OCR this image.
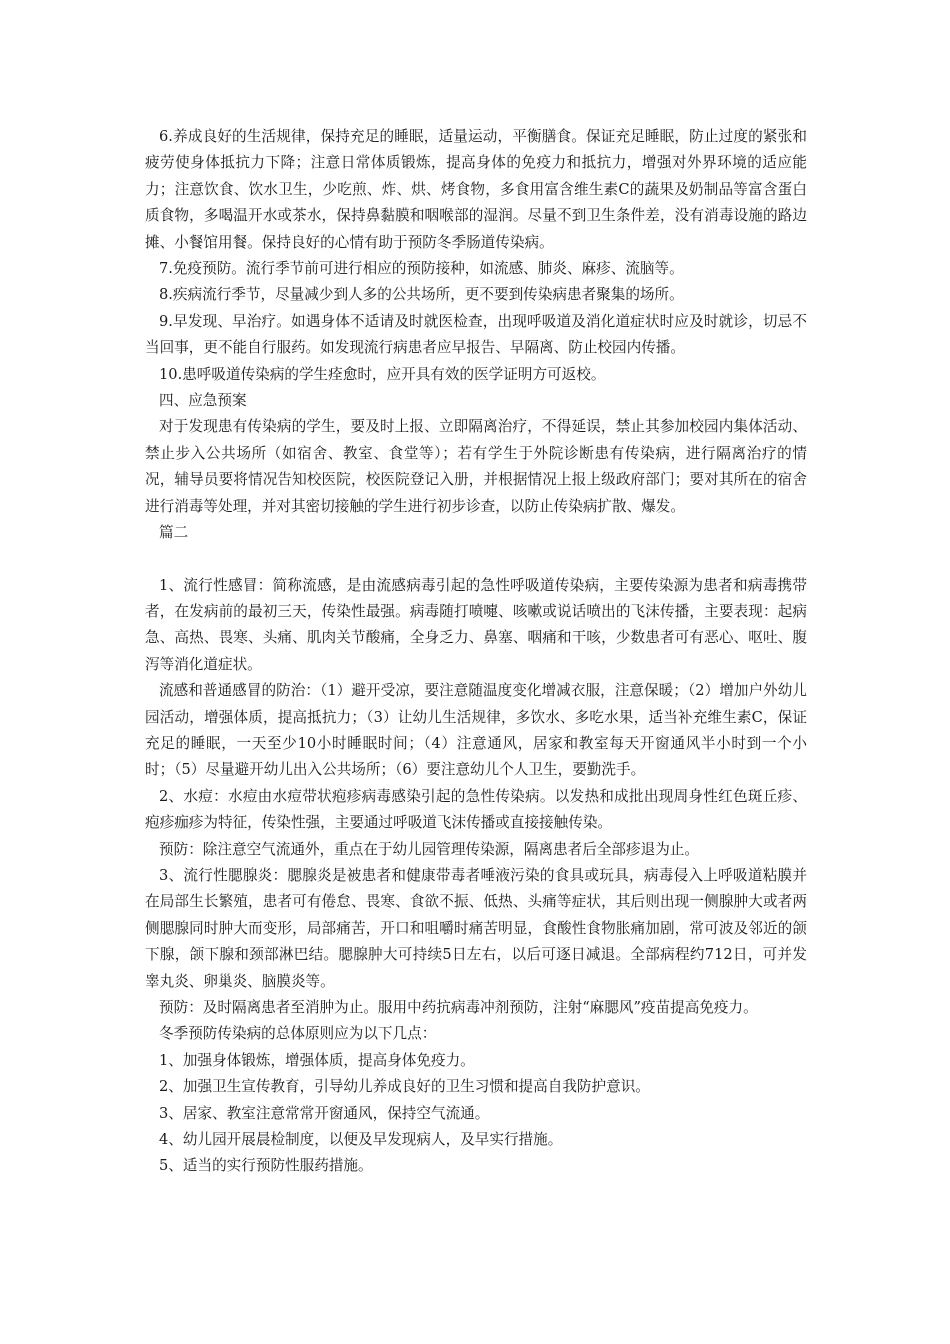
6.养成良好的生活规律，保持充足的睡眠，适量运动，平衡膳食。保证充足睡眠，防止过度的紧张和疲劳使身体抵抗力下降；注意日常体质锻炼，提高身体的免疫力和抵抗力，增强对外界环境的适应能力；注意饮食、饮水卫生，少吃煎、炸、烘、烤食物，多食用富含维生素C的蔬果及奶制品等富含蛋白质食物，多喝温开水或茶水，保持鼻黏膜和咽喉部的湿润。尽量不到卫生条件差，没有消毒设施的路边摊、小餐馆用餐。保持良好的心情有助于预防冬季肠道传染病。

7.免疫预防。流行季节前可进行相应的预防接种，如流感、肺炎、麻疹、流脑等。

8.疾病流行季节，尽量减少到人多的公共场所，更不要到传染病患者聚集的场所。

9.早发现、早治疗。如遇身体不适请及时就医检查，出现呼吸道及消化道症状时应及时就诊，切忌不当回事，更不能自行服药。如发现流行病患者应早报告、早隔离、防止校园内传播。

10.患呼吸道传染病的学生痊愈时，应开具有效的医学证明方可返校。

四、应急预案

对于发现患有传染病的学生，要及时上报、立即隔离治疗，不得延误，禁止其参加校园内集体活动、禁止步入公共场所（如宿舍、教室、食堂等）；若有学生于外院诊断患有传染病，进行隔离治疗的情况，辅导员要将情况告知校医院，校医院登记入册，并根据情况上报上级政府部门；要对其所在的宿舍进行消毒等处理，并对其密切接触的学生进行初步诊查，以防止传染病扩散、爆发。

篇二

1、流行性感冒：简称流感，是由流感病毒引起的急性呼吸道传染病，主要传染源为患者和病毒携带者，在发病前的最初三天，传染性最强。病毒随打喷嚏、咳嗽或说话喷出的飞沫传播，主要表现：起病急、高热、畏寒、头痛、肌肉关节酸痛，全身乏力、鼻塞、咽痛和干咳，少数患者可有恶心、呕吐、腹泻等消化道症状。

流感和普通感冒的防治：（1）避开受凉，要注意随温度变化增减衣服，注意保暖；（2）增加户外幼儿园活动，增强体质，提高抵抗力；（3）让幼儿生活规律，多饮水、多吃水果，适当补充维生素C，保证充足的睡眠，一天至少10小时睡眠时间；（4）注意通风，居家和教室每天开窗通风半小时到一个小时；（5）尽量避开幼儿出入公共场所；（6）要注意幼儿个人卫生，要勤洗手。

2、水痘：水痘由水痘带状疱疹病毒感染引起的急性传染病。以发热和成批出现周身性红色斑丘疹、疱疹痂疹为特征，传染性强，主要通过呼吸道飞沫传播或直接接触传染。

预防：除注意空气流通外，重点在于幼儿园管理传染源，隔离患者后全部疹退为止。

3、流行性腮腺炎：腮腺炎是被患者和健康带毒者唾液污染的食具或玩具，病毒侵入上呼吸道粘膜并在局部生长繁殖，患者可有倦怠、畏寒、食欲不振、低热、头痛等症状，其后则出现一侧腺肿大或者两侧腮腺同时肿大而变形，局部痛苦，开口和咀嚼时痛苦明显，食酸性食物胀痛加剧，常可波及邻近的颌下腺，颌下腺和颈部淋巴结。腮腺肿大可持续5日左右，以后可逐日减退。全部病程约712日，可并发睾丸炎、卵巢炎、脑膜炎等。

预防：及时隔离患者至消肿为止。服用中药抗病毒冲剂预防，注射“麻腮风”疫苗提高免疫力。

冬季预防传染病的总体原则应为以下几点：

1、加强身体锻炼，增强体质，提高身体免疫力。

2、加强卫生宣传教育，引导幼儿养成良好的卫生习惯和提高自我防护意识。

3、居家、教室注意常常开窗通风，保持空气流通。

4、幼儿园开展晨检制度，以便及早发现病人，及早实行措施。

5、适当的实行预防性服药措施。
